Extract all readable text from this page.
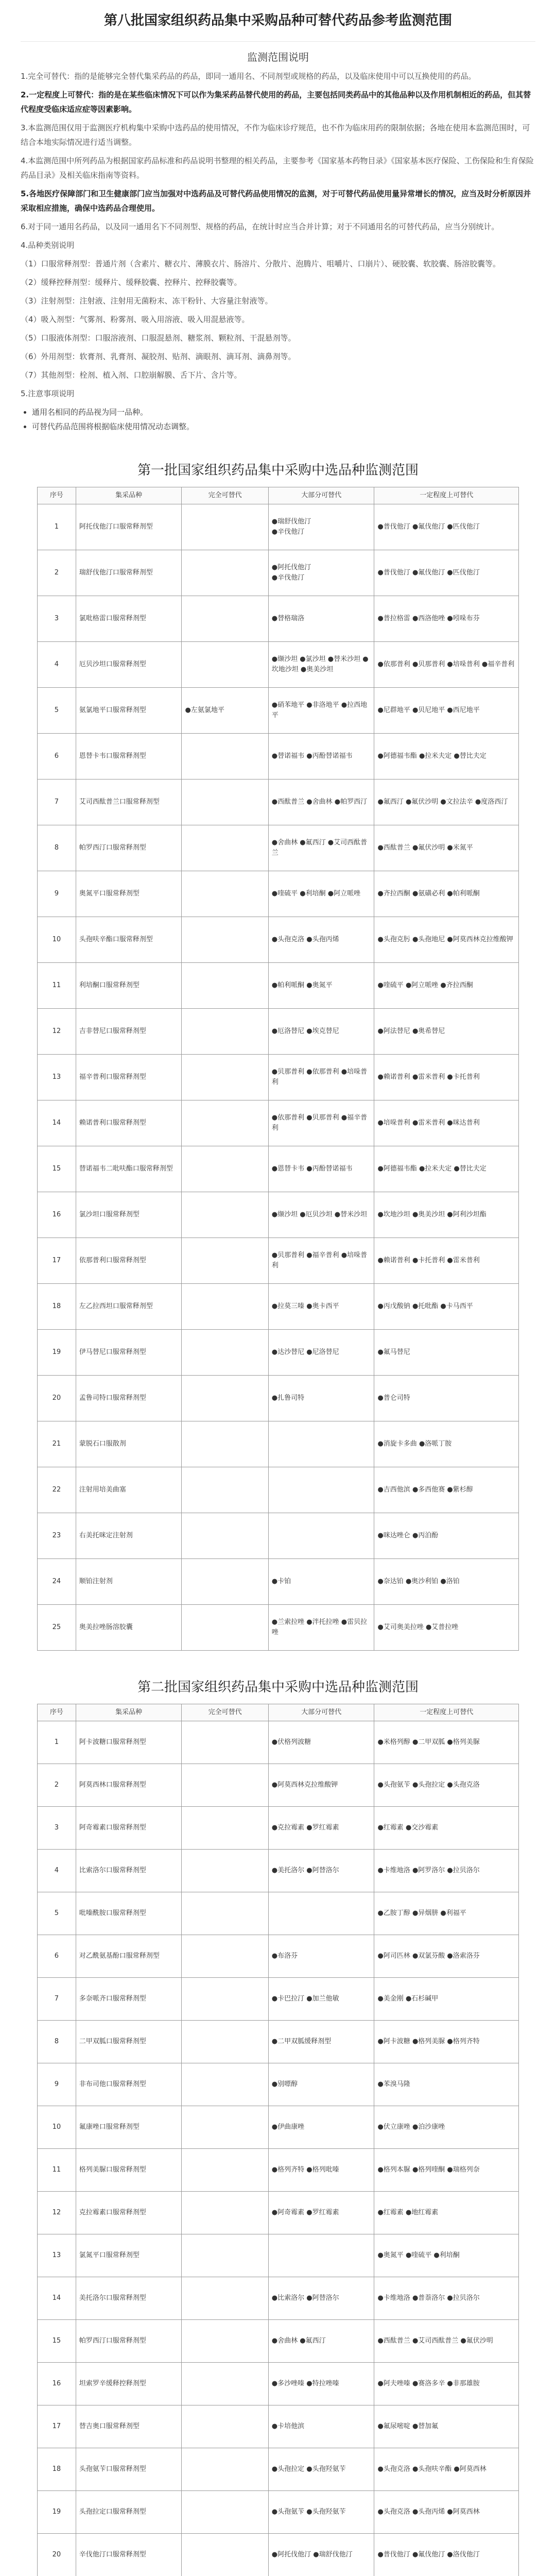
第八批国家组织药品集中采购品种可替代药品参考监测范围
监测范围说明

1.完全可替代：指的是能够完全替代集采药品的药品，即同一通用名、不同剂型或规格的药品，以及临床使用中可以互换使用的药品。

2.一定程度上可替代：指的是在某些临床情况下可以作为集采药品替代使用的药品，主要包括同类药品中的其他品种以及作用机制相近的药品，但其替代程度受临床适应症等因素影响。

3.本监测范围仅用于监测医疗机构集中采购中选药品的使用情况，不作为临床诊疗规范，也不作为临床用药的限制依据；各地在使用本监测范围时，可结合本地实际情况进行适当调整。

4.本监测范围中所列药品为根据国家药品标准和药品说明书整理的相关药品，主要参考《国家基本药物目录》《国家基本医疗保险、工伤保险和生育保险药品目录》及相关临床指南等资料。

5.各地医疗保障部门和卫生健康部门应当加强对中选药品及可替代药品使用情况的监测，对于可替代药品使用量异常增长的情况，应当及时分析原因并采取相应措施，确保中选药品合理使用。

6.对于同一通用名药品，以及同一通用名下不同剂型、规格的药品，在统计时应当合并计算；对于不同通用名的可替代药品，应当分别统计。

4.品种类别说明

（1）口服常释剂型：普通片剂（含素片、糖衣片、薄膜衣片、肠溶片、分散片、泡腾片、咀嚼片、口崩片）、硬胶囊、软胶囊、肠溶胶囊等。

（2）缓释控释剂型：缓释片、缓释胶囊、控释片、控释胶囊等。

（3）注射剂型：注射液、注射用无菌粉末、冻干粉针、大容量注射液等。

（4）吸入剂型：气雾剂、粉雾剂、吸入用溶液、吸入用混悬液等。

（5）口服液体剂型：口服溶液剂、口服混悬剂、糖浆剂、颗粒剂、干混悬剂等。

（6）外用剂型：软膏剂、乳膏剂、凝胶剂、贴剂、滴眼剂、滴耳剂、滴鼻剂等。

（7）其他剂型：栓剂、植入剂、口腔崩解膜、舌下片、含片等。

5.注意事项说明

• 通用名相同的药品视为同一品种。
• 可替代药品范围将根据临床使用情况动态调整。
第一批国家组织药品集中采购中选品种监测范围
序号	集采品种	完全可替代	大部分可替代	一定程度上可替代
1	阿托伐他汀口服常释剂型		●瑞舒伐他汀
●辛伐他汀	●普伐他汀 ●氟伐他汀 ●匹伐他汀
2	瑞舒伐他汀口服常释剂型		●阿托伐他汀
●辛伐他汀	●普伐他汀 ●氟伐他汀 ●匹伐他汀
3	氯吡格雷口服常释剂型		●替格瑞洛	●普拉格雷 ●西洛他唑 ●吲哚布芬
4	厄贝沙坦口服常释剂型		●缬沙坦 ●氯沙坦 ●替米沙坦 ●坎地沙坦 ●奥美沙坦	●依那普利 ●贝那普利 ●培哚普利 ●福辛普利
5	氨氯地平口服常释剂型	●左氨氯地平	●硝苯地平 ●非洛地平 ●拉西地平	●尼群地平 ●贝尼地平 ●西尼地平
6	恩替卡韦口服常释剂型		●替诺福韦 ●丙酚替诺福韦	●阿德福韦酯 ●拉米夫定 ●替比夫定
7	艾司西酞普兰口服常释剂型		●西酞普兰 ●舍曲林 ●帕罗西汀	●氟西汀 ●氟伏沙明 ●文拉法辛 ●度洛西汀
8	帕罗西汀口服常释剂型		●舍曲林 ●氟西汀 ●艾司西酞普兰	●西酞普兰 ●氟伏沙明 ●米氮平
9	奥氮平口服常释剂型		●喹硫平 ●利培酮 ●阿立哌唑	●齐拉西酮 ●氨磺必利 ●帕利哌酮
10	头孢呋辛酯口服常释剂型		●头孢克洛 ●头孢丙烯	●头孢克肟 ●头孢地尼 ●阿莫西林克拉维酸钾
11	利培酮口服常释剂型		●帕利哌酮 ●奥氮平	●喹硫平 ●阿立哌唑 ●齐拉西酮
12	吉非替尼口服常释剂型		●厄洛替尼 ●埃克替尼	●阿法替尼 ●奥希替尼
13	福辛普利口服常释剂型		●贝那普利 ●依那普利 ●培哚普利	●赖诺普利 ●雷米普利 ●卡托普利
14	赖诺普利口服常释剂型		●依那普利 ●贝那普利 ●福辛普利	●培哚普利 ●雷米普利 ●咪达普利
15	替诺福韦二吡呋酯口服常释剂型		●恩替卡韦 ●丙酚替诺福韦	●阿德福韦酯 ●拉米夫定 ●替比夫定
16	氯沙坦口服常释剂型		●缬沙坦 ●厄贝沙坦 ●替米沙坦	●坎地沙坦 ●奥美沙坦 ●阿利沙坦酯
17	依那普利口服常释剂型		●贝那普利 ●福辛普利 ●培哚普利	●赖诺普利 ●卡托普利 ●雷米普利
18	左乙拉西坦口服常释剂型		●拉莫三嗪 ●奥卡西平	●丙戊酸钠 ●托吡酯 ●卡马西平
19	伊马替尼口服常释剂型		●达沙替尼 ●尼洛替尼	●氟马替尼
20	孟鲁司特口服常释剂型		●扎鲁司特	●普仑司特
21	蒙脱石口服散剂			●消旋卡多曲 ●洛哌丁胺
22	注射用培美曲塞			●吉西他滨 ●多西他赛 ●紫杉醇
23	右美托咪定注射剂			●咪达唑仑 ●丙泊酚
24	顺铂注射剂		●卡铂	●奈达铂 ●奥沙利铂 ●洛铂
25	奥美拉唑肠溶胶囊		●兰索拉唑 ●泮托拉唑 ●雷贝拉唑	●艾司奥美拉唑 ●艾普拉唑
第二批国家组织药品集中采购中选品种监测范围
序号	集采品种	完全可替代	大部分可替代	一定程度上可替代
1	阿卡波糖口服常释剂型		●伏格列波糖	●米格列醇 ●二甲双胍 ●格列美脲
2	阿莫西林口服常释剂型		●阿莫西林克拉维酸钾	●头孢氨苄 ●头孢拉定 ●头孢克洛
3	阿奇霉素口服常释剂型		●克拉霉素 ●罗红霉素	●红霉素 ●交沙霉素
4	比索洛尔口服常释剂型		●美托洛尔 ●阿替洛尔	●卡维地洛 ●阿罗洛尔 ●拉贝洛尔
5	吡嗪酰胺口服常释剂型			●乙胺丁醇 ●异烟肼 ●利福平
6	对乙酰氨基酚口服常释剂型		●布洛芬	●阿司匹林 ●双氯芬酸 ●洛索洛芬
7	多奈哌齐口服常释剂型		●卡巴拉汀 ●加兰他敏	●美金刚 ●石杉碱甲
8	二甲双胍口服常释剂型		●二甲双胍缓释剂型	●阿卡波糖 ●格列美脲 ●格列齐特
9	非布司他口服常释剂型		●别嘌醇	●苯溴马隆
10	氟康唑口服常释剂型		●伊曲康唑	●伏立康唑 ●泊沙康唑
11	格列美脲口服常释剂型		●格列齐特 ●格列吡嗪	●格列本脲 ●格列喹酮 ●瑞格列奈
12	克拉霉素口服常释剂型		●阿奇霉素 ●罗红霉素	●红霉素 ●地红霉素
13	氯氮平口服常释剂型			●奥氮平 ●喹硫平 ●利培酮
14	美托洛尔口服常释剂型		●比索洛尔 ●阿替洛尔	●卡维地洛 ●普萘洛尔 ●拉贝洛尔
15	帕罗西汀口服常释剂型		●舍曲林 ●氟西汀	●西酞普兰 ●艾司西酞普兰 ●氟伏沙明
16	坦索罗辛缓释控释剂型		●多沙唑嗪 ●特拉唑嗪	●阿夫唑嗪 ●赛洛多辛 ●非那雄胺
17	替吉奥口服常释剂型		●卡培他滨	●氟尿嘧啶 ●替加氟
18	头孢氨苄口服常释剂型		●头孢拉定 ●头孢羟氨苄	●头孢克洛 ●头孢呋辛酯 ●阿莫西林
19	头孢拉定口服常释剂型		●头孢氨苄 ●头孢羟氨苄	●头孢克洛 ●头孢丙烯 ●阿莫西林
20	辛伐他汀口服常释剂型		●阿托伐他汀 ●瑞舒伐他汀	●普伐他汀 ●氟伐他汀 ●洛伐他汀
